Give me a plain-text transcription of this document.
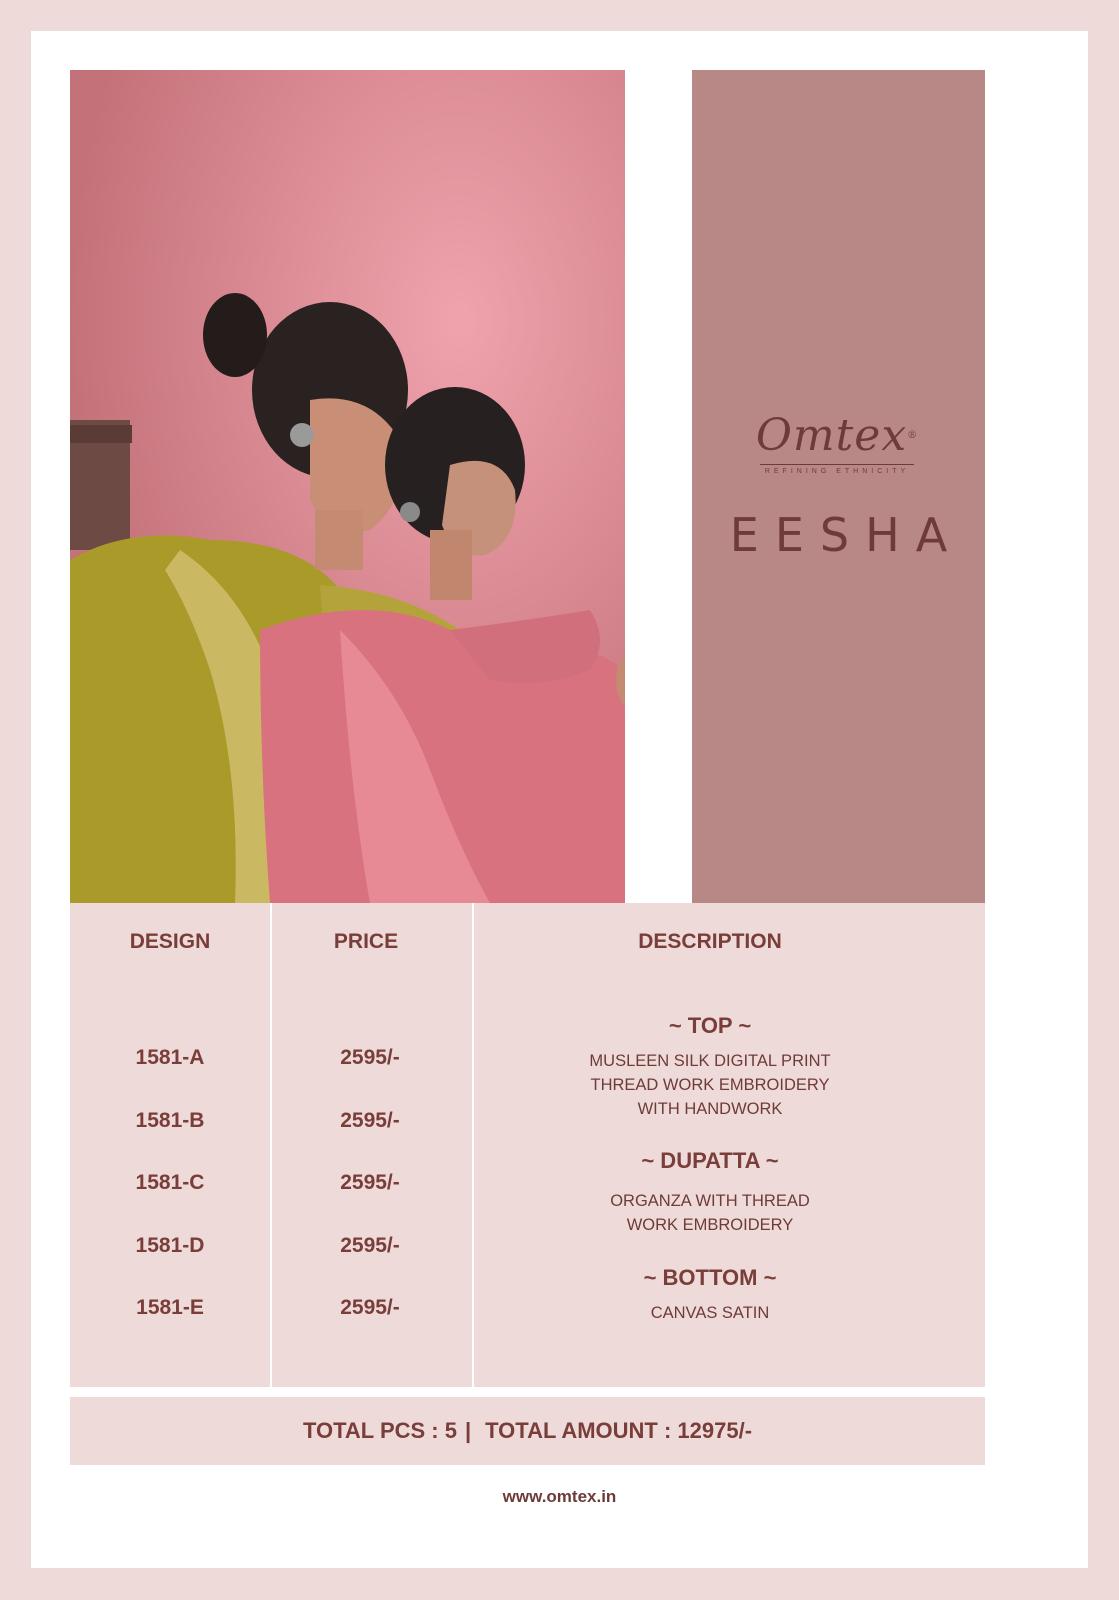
Omtex®
REFINING ETHNICITY
EESHA
DESIGN	PRICE	DESCRIPTION
1581-A	2595/-
1581-B	2595/-
1581-C	2595/-
1581-D	2595/-
1581-E	2595/-
~ TOP ~
MUSLEEN SILK DIGITAL PRINT
THREAD WORK EMBROIDERY
WITH HANDWORK
~ DUPATTA ~
ORGANZA WITH THREAD
WORK EMBROIDERY
~ BOTTOM ~
CANVAS SATIN
TOTAL PCS : 5 | TOTAL AMOUNT : 12975/-
www.omtex.in
